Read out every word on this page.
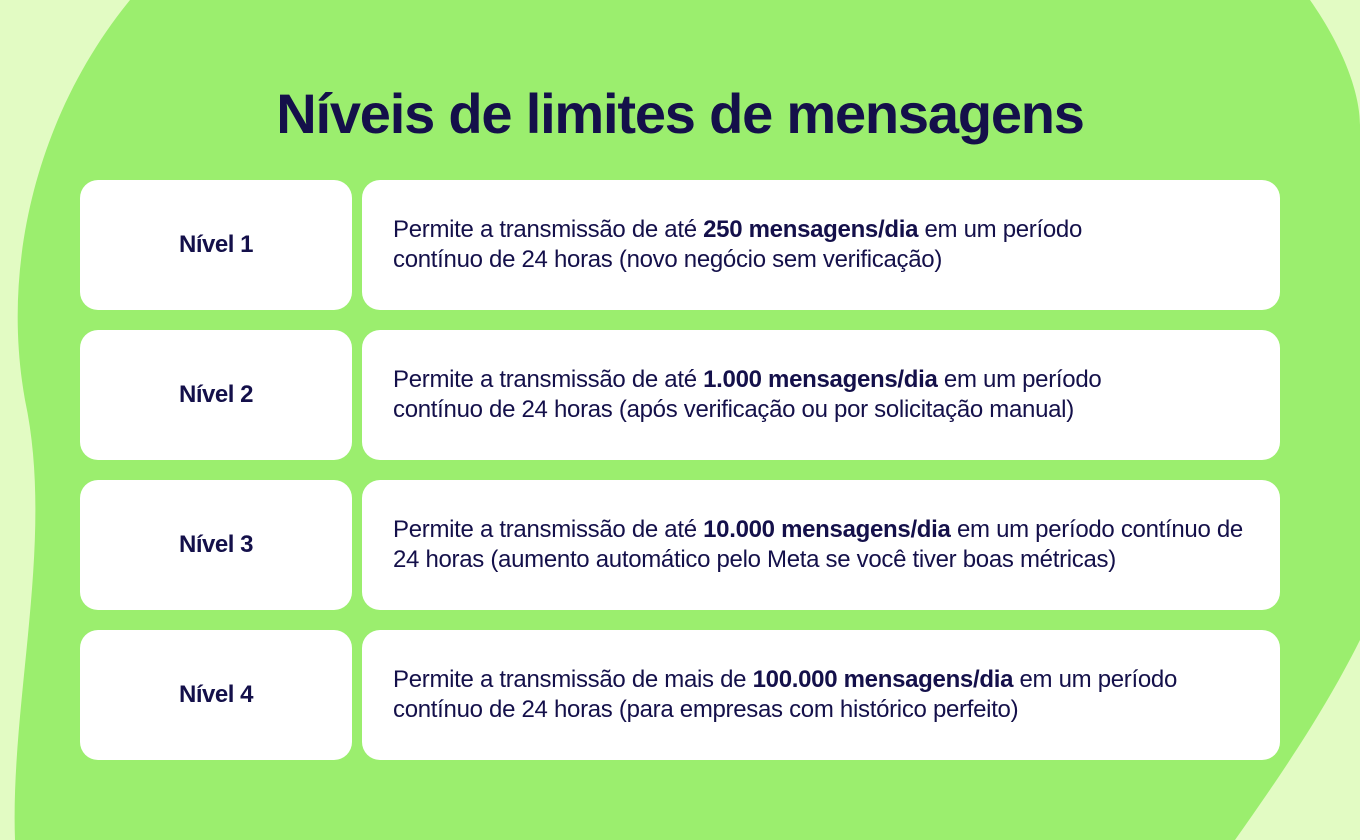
Níveis de limites de mensagens
Nível 1
Permite a transmissão de até 250 mensagens/dia em um período contínuo de 24 horas (novo negócio sem verificação)
Nível 2
Permite a transmissão de até 1.000 mensagens/dia em um período contínuo de 24 horas (após verificação ou por solicitação manual)
Nível 3
Permite a transmissão de até 10.000 mensagens/dia em um período contínuo de 24 horas (aumento automático pelo Meta se você tiver boas métricas)
Nível 4
Permite a transmissão de mais de 100.000 mensagens/dia em um período contínuo de 24 horas (para empresas com histórico perfeito)
